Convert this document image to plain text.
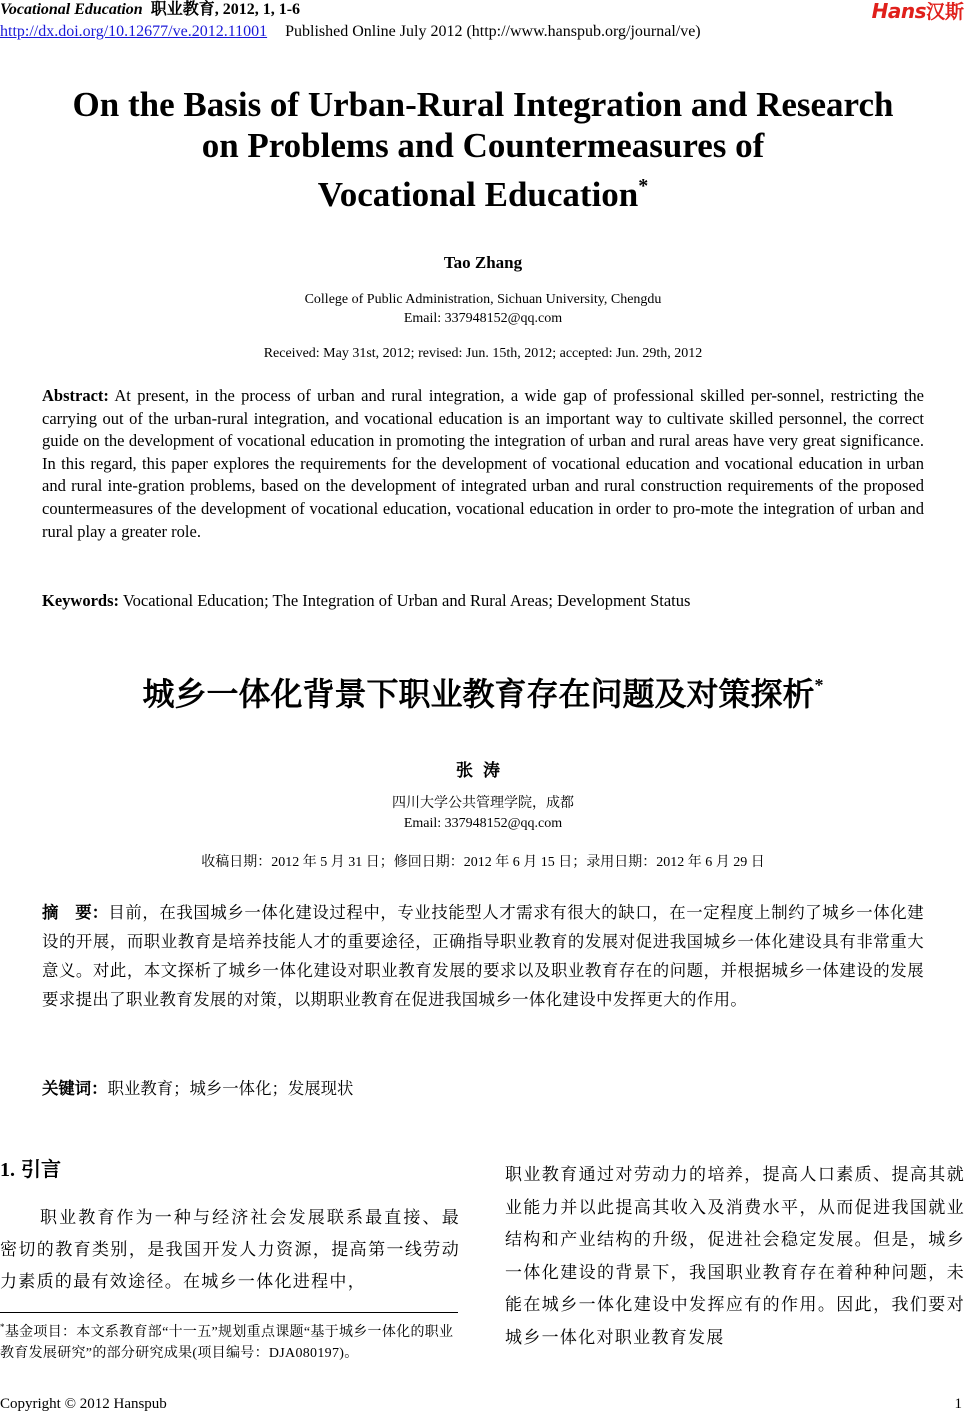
Vocational Education 职业教育, 2012, 1, 1-6
http://dx.doi.org/10.12677/ve.2012.11001 Published Online July 2012 (http://www.hanspub.org/journal/ve)
Hans汉斯
On the Basis of Urban-Rural Integration and Research
on Problems and Countermeasures of
Vocational Education*
Tao Zhang
College of Public Administration, Sichuan University, Chengdu
Email: 337948152@qq.com
Received: May 31st, 2012; revised: Jun. 15th, 2012; accepted: Jun. 29th, 2012
Abstract: At present, in the process of urban and rural integration, a wide gap of professional skilled per-sonnel, restricting the carrying out of the urban-rural integration, and vocational education is an important way to cultivate skilled personnel, the correct guide on the development of vocational education in promoting the integration of urban and rural areas have very great significance. In this regard, this paper explores the requirements for the development of vocational education and vocational education in urban and rural inte-gration problems, based on the development of integrated urban and rural construction requirements of the proposed countermeasures of the development of vocational education, vocational education in order to pro-mote the integration of urban and rural play a greater role.
Keywords: Vocational Education; The Integration of Urban and Rural Areas; Development Status
城乡一体化背景下职业教育存在问题及对策探析*
张涛
四川大学公共管理学院，成都
Email: 337948152@qq.com
收稿日期：2012 年 5 月 31 日；修回日期：2012 年 6 月 15 日；录用日期：2012 年 6 月 29 日
摘　要：目前，在我国城乡一体化建设过程中，专业技能型人才需求有很大的缺口，在一定程度上制约了城乡一体化建设的开展，而职业教育是培养技能人才的重要途径，正确指导职业教育的发展对促进我国城乡一体化建设具有非常重大意义。对此，本文探析了城乡一体化建设对职业教育发展的要求以及职业教育存在的问题，并根据城乡一体建设的发展要求提出了职业教育发展的对策，以期职业教育在促进我国城乡一体化建设中发挥更大的作用。
关键词：职业教育；城乡一体化；发展现状
1. 引言

职业教育作为一种与经济社会发展联系最直接、最密切的教育类别，是我国开发人力资源，提高第一线劳动力素质的最有效途径。在城乡一体化进程中，

职业教育通过对劳动力的培养，提高人口素质、提高其就业能力并以此提高其收入及消费水平，从而促进我国就业结构和产业结构的升级，促进社会稳定发展。但是，城乡一体化建设的背景下，我国职业教育存在着种种问题，未能在城乡一体化建设中发挥应有的作用。因此，我们要对城乡一体化对职业教育发展

*基金项目：本文系教育部“十一五”规划重点课题“基于城乡一体化的职业教育发展研究”的部分研究成果(项目编号：DJA080197)。
Copyright © 2012 Hanspub	1
